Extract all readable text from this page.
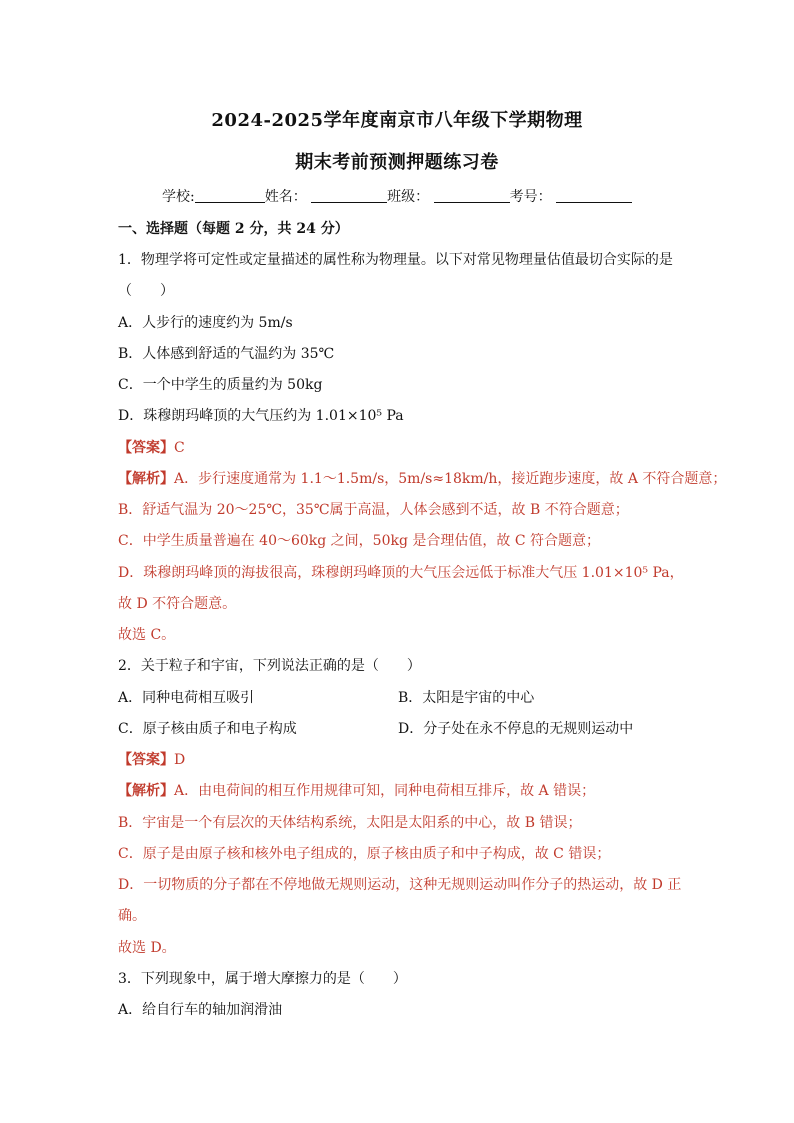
2024-2025学年度南京市八年级下学期物理
期末考前预测押题练习卷
学校:	姓名：	班级：	考号：
一、选择题（每题 2 分，共 24 分）
1．物理学将可定性或定量描述的属性称为物理量。以下对常见物理量估值最切合实际的是
（　　）
A．人步行的速度约为 5m/s
B．人体感到舒适的气温约为 35℃
C．一个中学生的质量约为 50kg
D．珠穆朗玛峰顶的大气压约为 1.01×10⁵ Pa
【答案】C
【解析】A．步行速度通常为 1.1～1.5m/s，5m/s≈18km/h，接近跑步速度，故 A 不符合题意；
B．舒适气温为 20～25℃，35℃属于高温，人体会感到不适，故 B 不符合题意；
C．中学生质量普遍在 40～60kg 之间，50kg 是合理估值，故 C 符合题意；
D．珠穆朗玛峰顶的海拔很高，珠穆朗玛峰顶的大气压会远低于标准大气压 1.01×10⁵ Pa，
故 D 不符合题意。
故选 C。
2．关于粒子和宇宙，下列说法正确的是（　　）
A．同种电荷相互吸引	B．太阳是宇宙的中心
C．原子核由质子和电子构成	D．分子处在永不停息的无规则运动中
【答案】D
【解析】A．由电荷间的相互作用规律可知，同种电荷相互排斥，故 A 错误；
B．宇宙是一个有层次的天体结构系统，太阳是太阳系的中心，故 B 错误；
C．原子是由原子核和核外电子组成的，原子核由质子和中子构成，故 C 错误；
D．一切物质的分子都在不停地做无规则运动，这种无规则运动叫作分子的热运动，故 D 正
确。
故选 D。
3．下列现象中，属于增大摩擦力的是（　　）
A．给自行车的轴加润滑油
